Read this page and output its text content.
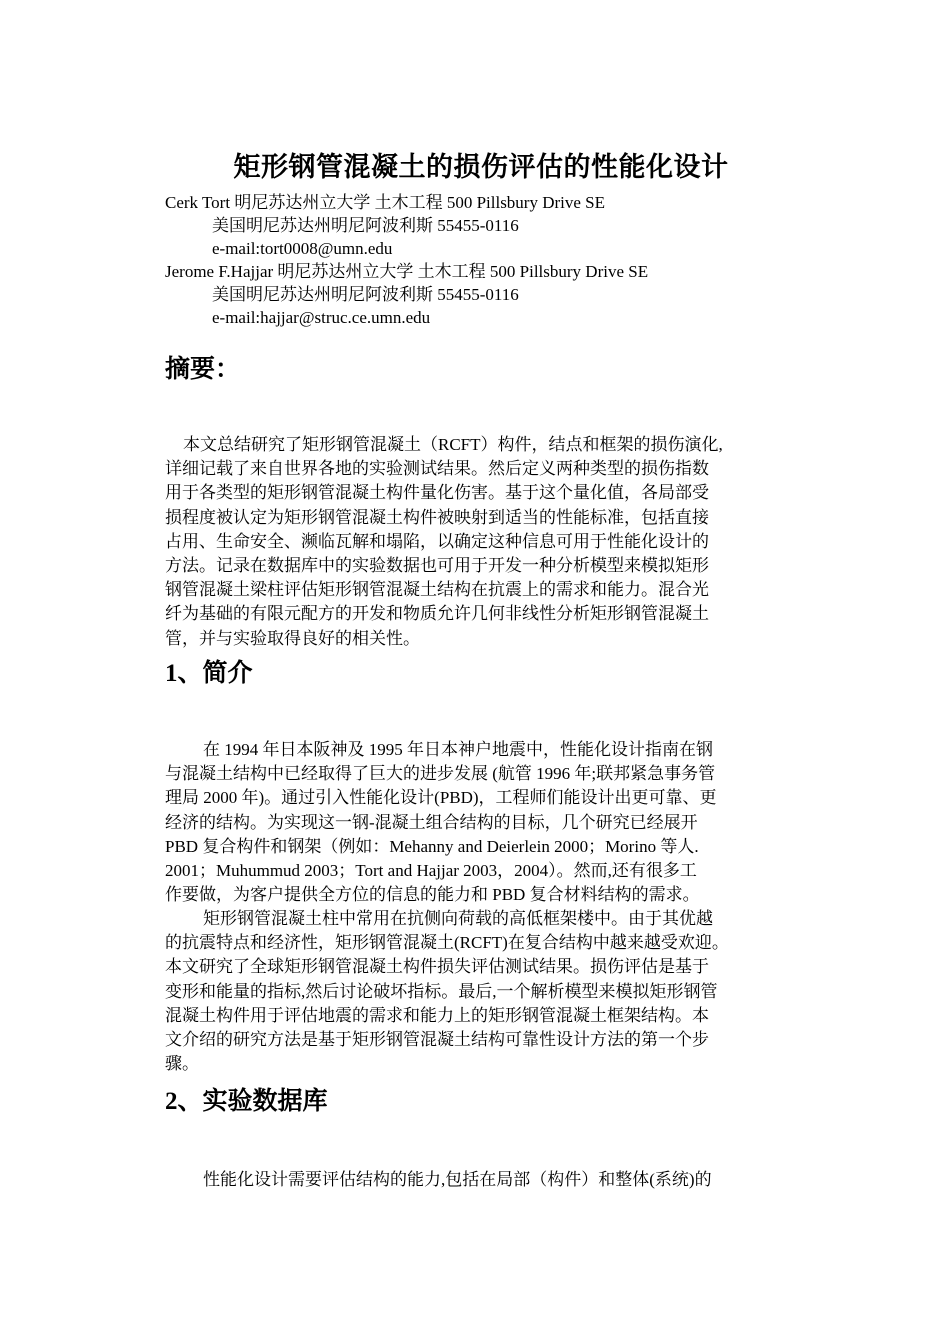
矩形钢管混凝土的损伤评估的性能化设计
Cerk Tort 明尼苏达州立大学 土木工程 500 Pillsbury Drive SE
美国明尼苏达州明尼阿波利斯 55455-0116
e-mail:tort0008@umn.edu
Jerome F.Hajjar 明尼苏达州立大学 土木工程 500 Pillsbury Drive SE
美国明尼苏达州明尼阿波利斯 55455-0116
e-mail:hajjar@struc.ce.umn.edu
摘要：
本文总结研究了矩形钢管混凝土（RCFT）构件，结点和框架的损伤演化,
详细记载了来自世界各地的实验测试结果。然后定义两种类型的损伤指数
用于各类型的矩形钢管混凝土构件量化伤害。基于这个量化值，各局部受
损程度被认定为矩形钢管混凝土构件被映射到适当的性能标准，包括直接
占用、生命安全、濒临瓦解和塌陷，以确定这种信息可用于性能化设计的
方法。记录在数据库中的实验数据也可用于开发一种分析模型来模拟矩形
钢管混凝土梁柱评估矩形钢管混凝土结构在抗震上的需求和能力。混合光
纤为基础的有限元配方的开发和物质允许几何非线性分析矩形钢管混凝土
管，并与实验取得良好的相关性。
1、简介
在 1994 年日本阪神及 1995 年日本神户地震中，性能化设计指南在钢
与混凝土结构中已经取得了巨大的进步发展 (航管 1996 年;联邦紧急事务管
理局 2000 年)。通过引入性能化设计(PBD)，工程师们能设计出更可靠、更
经济的结构。为实现这一钢-混凝土组合结构的目标，几个研究已经展开
PBD 复合构件和钢架（例如：Mehanny and Deierlein 2000；Morino 等人.
2001；Muhummud 2003；Tort and Hajjar 2003，2004）。然而,还有很多工
作要做，为客户提供全方位的信息的能力和 PBD 复合材料结构的需求。
矩形钢管混凝土柱中常用在抗侧向荷载的高低框架楼中。由于其优越
的抗震特点和经济性，矩形钢管混凝土(RCFT)在复合结构中越来越受欢迎。
本文研究了全球矩形钢管混凝土构件损失评估测试结果。损伤评估是基于
变形和能量的指标,然后讨论破坏指标。最后,一个解析模型来模拟矩形钢管
混凝土构件用于评估地震的需求和能力上的矩形钢管混凝土框架结构。本
文介绍的研究方法是基于矩形钢管混凝土结构可靠性设计方法的第一个步
骤。
2、实验数据库
性能化设计需要评估结构的能力,包括在局部（构件）和整体(系统)的
